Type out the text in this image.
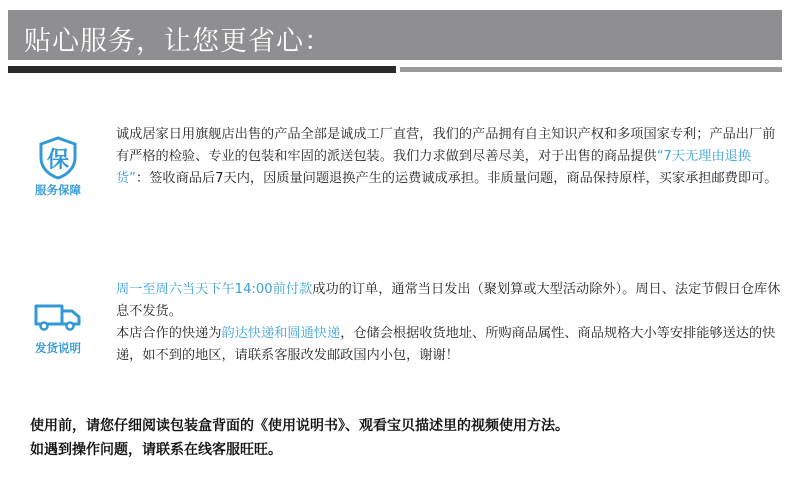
贴心服务，让您更省心：
保
服务保障

诚成居家日用旗舰店出售的产品全部是诚成工厂直营，我们的产品拥有自主知识产权和多项国家专利；产品出厂前有严格的检验、专业的包装和牢固的派送包装。我们力求做到尽善尽美，对于出售的商品提供“7天无理由退换货”：签收商品后7天内，因质量问题退换产生的运费诚成承担。非质量问题，商品保持原样，买家承担邮费即可。

发货说明

周一至周六当天下午14:00前付款成功的订单，通常当日发出（聚划算或大型活动除外）。周日、法定节假日仓库休息不发货。

本店合作的快递为韵达快递和圆通快递，仓储会根据收货地址、所购商品属性、商品规格大小等安排能够送达的快递，如不到的地区，请联系客服改发邮政国内小包，谢谢！

使用前，请您仔细阅读包装盒背面的《使用说明书》、观看宝贝描述里的视频使用方法。

如遇到操作问题，请联系在线客服旺旺。
